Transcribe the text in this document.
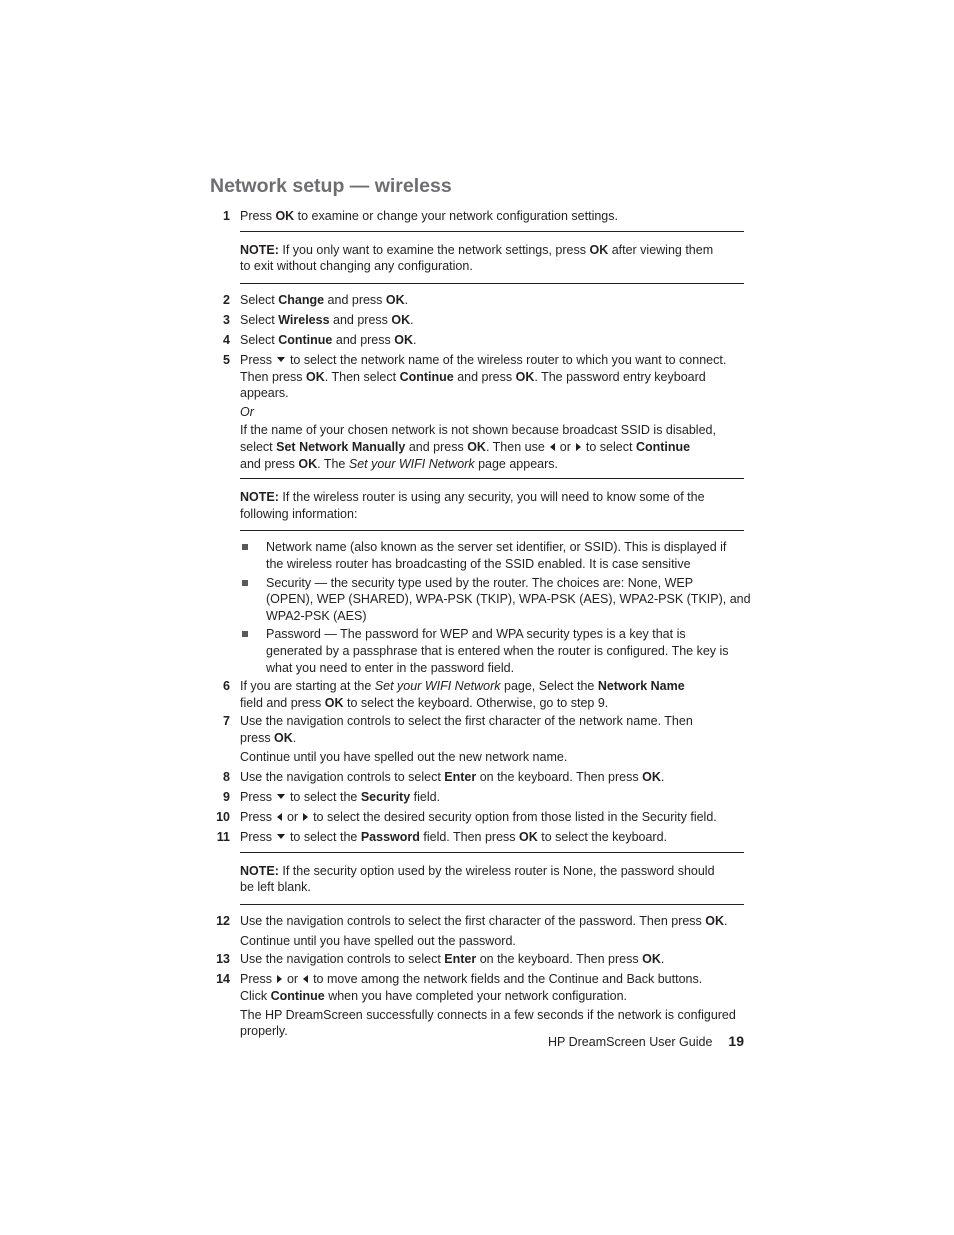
Network setup — wireless
1 Press OK to examine or change your network configuration settings.
NOTE: If you only want to examine the network settings, press OK after viewing them
to exit without changing any configuration.
2 Select Change and press OK.
3 Select Wireless and press OK.
4 Select Continue and press OK.
5 Press to select the network name of the wireless router to which you want to connect.
Then press OK. Then select Continue and press OK. The password entry keyboard
appears.
Or
If the name of your chosen network is not shown because broadcast SSID is disabled,
select Set Network Manually and press OK. Then use or to select Continue
and press OK. The Set your WIFI Network page appears.
NOTE: If the wireless router is using any security, you will need to know some of the
following information:
Network name (also known as the server set identifier, or SSID). This is displayed if
the wireless router has broadcasting of the SSID enabled. It is case sensitive
Security — the security type used by the router. The choices are: None, WEP
(OPEN), WEP (SHARED), WPA-PSK (TKIP), WPA-PSK (AES), WPA2-PSK (TKIP), and
WPA2-PSK (AES)
Password — The password for WEP and WPA security types is a key that is
generated by a passphrase that is entered when the router is configured. The key is
what you need to enter in the password field.
6 If you are starting at the Set your WIFI Network page, Select the Network Name
field and press OK to select the keyboard. Otherwise, go to step 9.
7 Use the navigation controls to select the first character of the network name. Then
press OK.
Continue until you have spelled out the new network name.
8 Use the navigation controls to select Enter on the keyboard. Then press OK.
9 Press to select the Security field.
10 Press or to select the desired security option from those listed in the Security field.
11 Press to select the Password field. Then press OK to select the keyboard.
NOTE: If the security option used by the wireless router is None, the password should
be left blank.
12 Use the navigation controls to select the first character of the password. Then press OK.
Continue until you have spelled out the password.
13 Use the navigation controls to select Enter on the keyboard. Then press OK.
14 Press or to move among the network fields and the Continue and Back buttons.
Click Continue when you have completed your network configuration.
The HP DreamScreen successfully connects in a few seconds if the network is configured
properly.
HP DreamScreen User Guide 19
